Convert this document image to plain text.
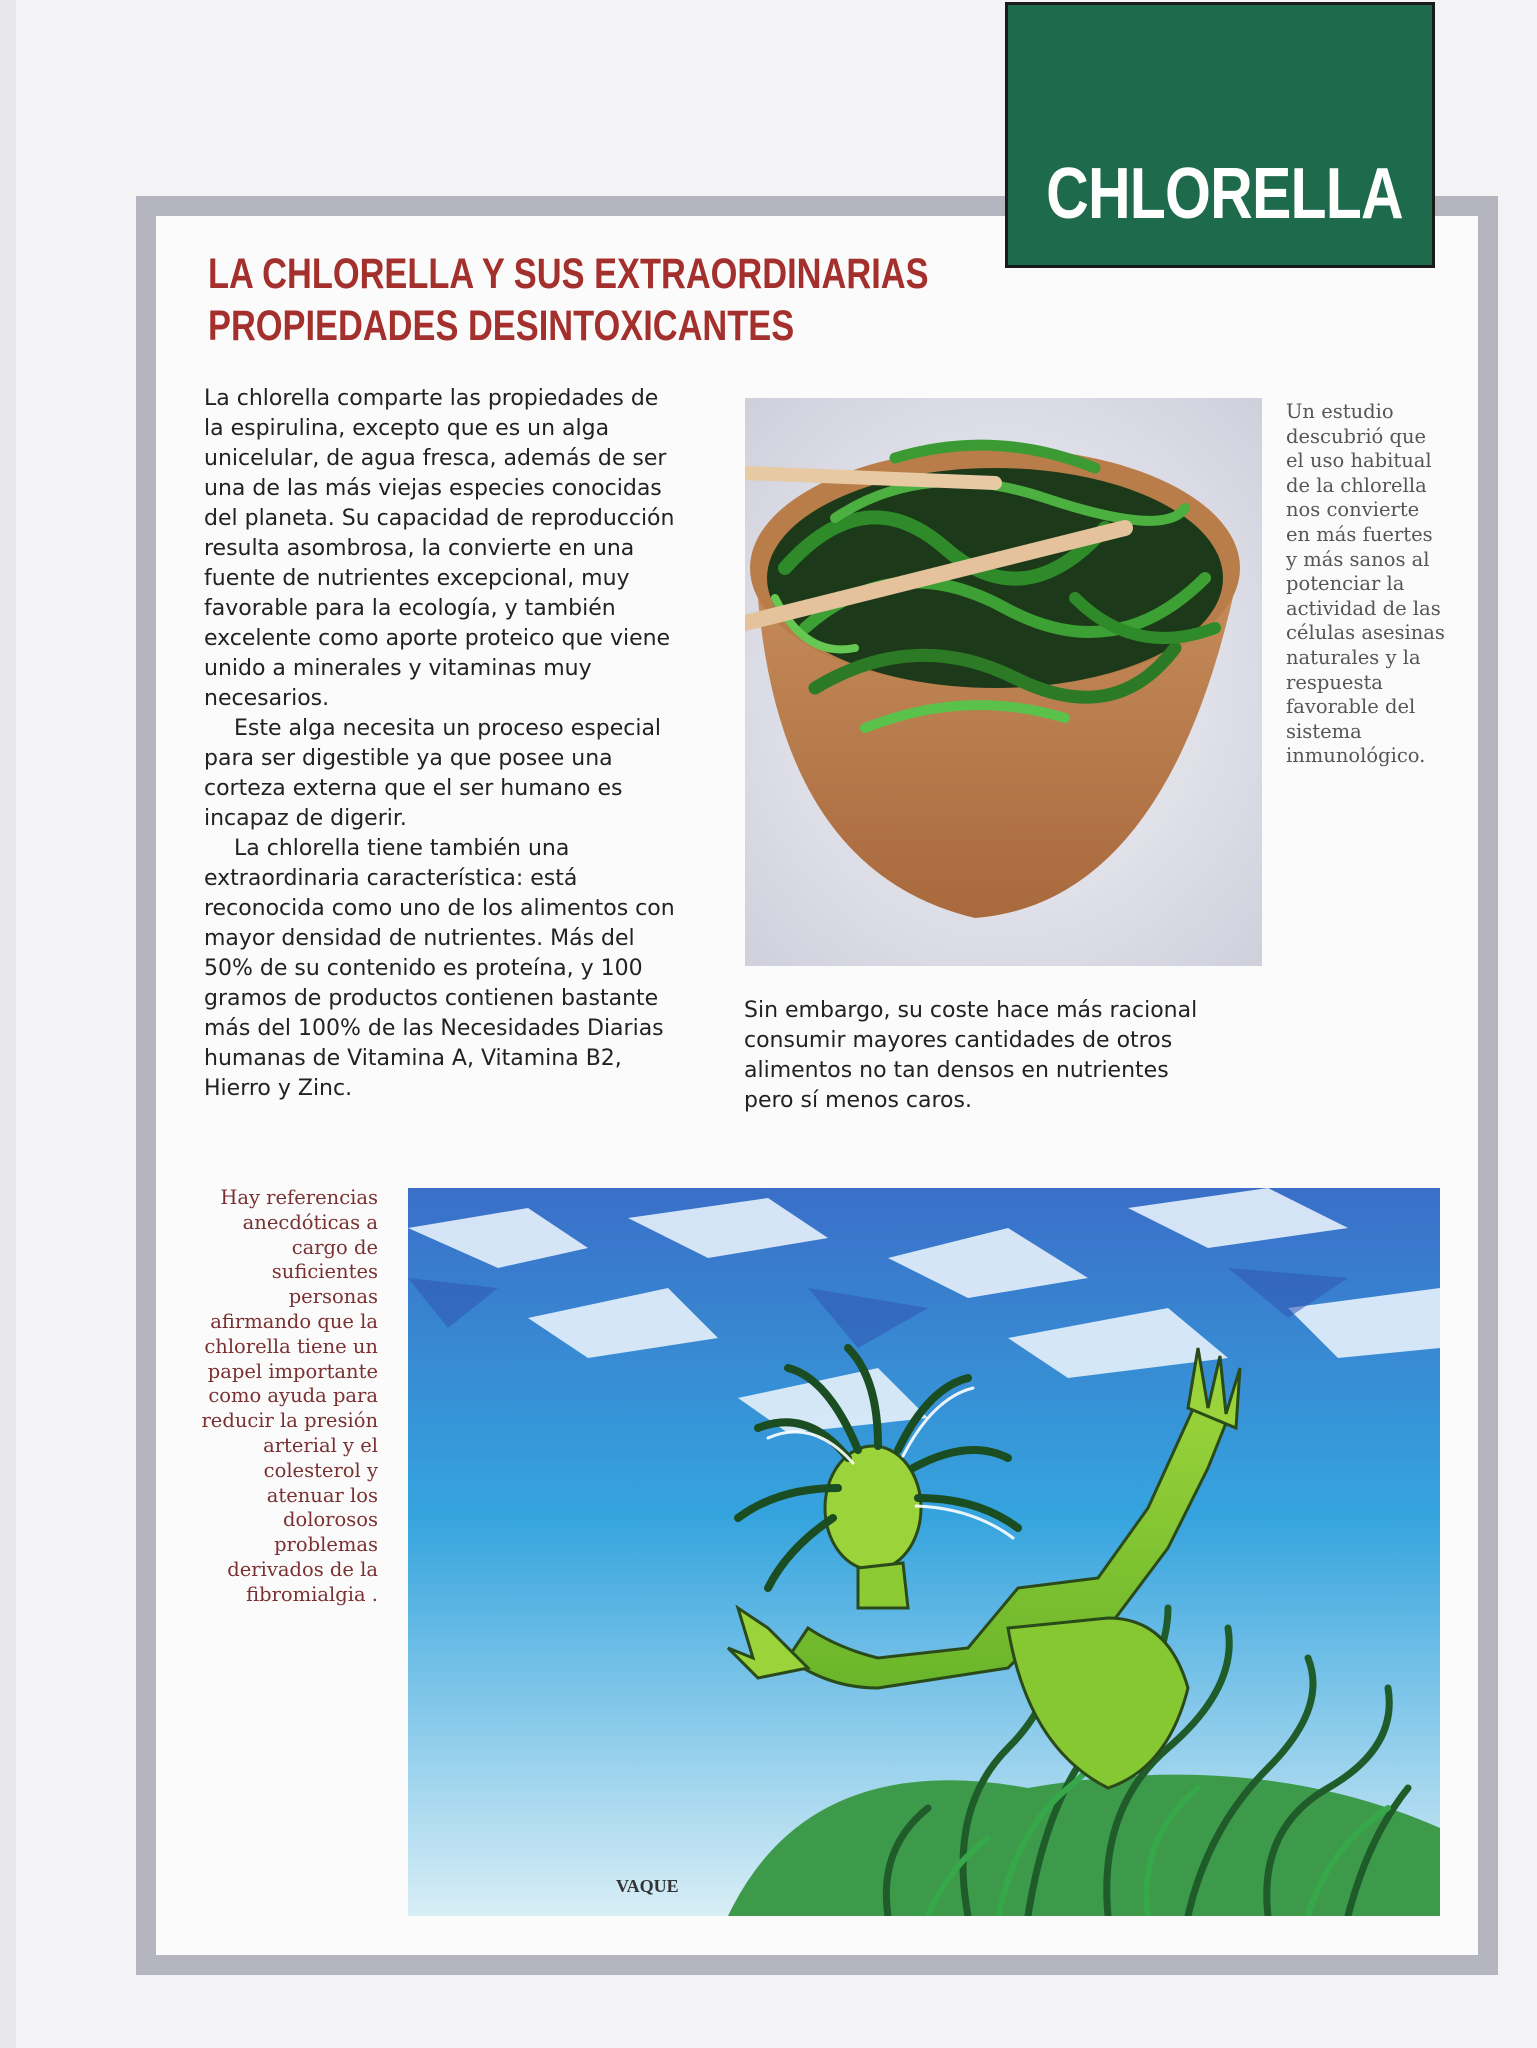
CHLORELLA
LA CHLORELLA Y SUS EXTRAORDINARIAS
PROPIEDADES DESINTOXICANTES

La chlorella comparte las propiedades de la espirulina, excepto que es un alga unicelular, de agua fresca, además de ser una de las más viejas especies conocidas del planeta. Su capacidad de reproducción resulta asombrosa, la convierte en una fuente de nutrientes excepcional, muy favorable para la ecología, y también excelente como aporte proteico que viene unido a minerales y vitaminas muy necesarios.

Este alga necesita un proceso especial para ser digestible ya que posee una corteza externa que el ser humano es incapaz de digerir.

La chlorella tiene también una extraordinaria característica: está reconocida como uno de los alimentos con mayor densidad de nutrientes. Más del 50% de su contenido es proteína, y 100 gramos de productos contienen bastante más del 100% de las Necesidades Diarias humanas de Vitamina A, Vitamina B2, Hierro y Zinc.

Un estudio descubrió que el uso habitual de la chlorella nos convierte en más fuertes y más sanos al potenciar la actividad de las células asesinas naturales y la respuesta favorable del sistema inmunológico.

Sin embargo, su coste hace más racional consumir mayores cantidades de otros alimentos no tan densos en nutrientes pero sí menos caros.

Hay referencias anecdóticas a cargo de suficientes personas afirmando que la chlorella tiene un papel importante como ayuda para reducir la presión arterial y el colesterol y atenuar los dolorosos problemas derivados de la fibromialgia .
VAQUE
